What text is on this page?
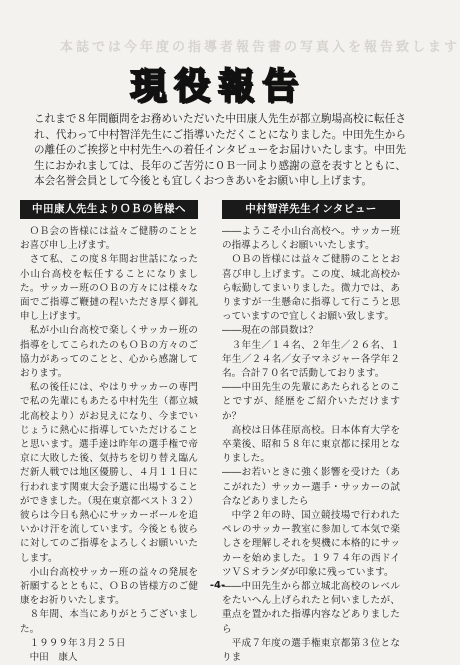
本誌では今年度の指導者報告書の写真入を報告致します
現役報告
これまで８年間顧問をお務めいただいた中田康人先生が都立駒場高校に転任され、代わって中村智洋先生にご指導いただくことになりました。中田先生からの離任のご挨拶と中村先生への着任インタビューをお届けいたします。中田先生におかれましては、長年のご苦労に０Ｂ一同より感謝の意を表すとともに、本会名誉会員として今後とも宜しくおつきあいをお願い申し上げます。
中田康人先生よりＯＢの皆様へ

ＯＢ会の皆様には益々ご健勝のこととお喜び申し上げます。

さて私、この度８年間お世話になった小山台高校を転任することになりました。サッカー班のＯＢの方々には様々な面でご指導ご鞭撻の程いただき厚く御礼申し上げます。

私が小山台高校で楽しくサッカー班の指導をしてこられたのもＯＢの方々のご協力があってのことと、心から感謝しております。

私の後任には、やはりサッカーの専門で私の先輩にもあたる中村先生（都立城北高校より）がお見えになり、今までいじょうに熱心に指導していただけることと思います。選手達は昨年の選手権で帝京に大敗した後、気持ちを切り替え臨んだ新人戦では地区優勝し、４月１１日に行われます関東大会予選に出場することができました。（現在東京都ベスト３２）彼らは今日も熱心にサッカーボールを追いかけ汗を流しています。今後とも彼らに対してのご指導をよろしくお願いいたします。

小山台高校サッカー班の益々の発展を祈願するとともに、ＯＢの皆様方のご健康をお祈りいたします。

８年間、本当にありがとうございました。

１９９９年３月２５日

中田　康人

中村智洋先生インタビュー

――ようこそ小山台高校へ。サッカー班の指導よろしくお願いいたします。

ＯＢの皆様には益々ご健勝のこととお喜び申し上げます。この度、城北高校から転勤してまいりました。微力では、ありますが一生懸命に指導して行こうと思っていますので宜しくお願い致します。

――現在の部員数は？

３年生／１４名、２年生／２６名、１年生／２４名／女子マネジャー各学年２名。合計７０名で活動しております。

――中田先生の先輩にあたられるとのことですが、経歴をご紹介いただけますか？

高校は日体荏原高校。日本体育大学を卒業後、昭和５８年に東京都に採用となりました。

――お若いときに強く影響を受けた（あこがれた）サッカー選手・サッカーの試合などありましたら

中学２年の時、国立競技場で行われたペレのサッカー教室に参加して本気で楽しさを理解しそれを契機に本格的にサッカーを始めました。１９７４年の西ドイツＶＳオランダが印象に残っています。

――中田先生から都立城北高校のレベルをたいへん上げられたと伺いましたが、重点を置かれた指導内容などありましたら

平成７年度の選手権東京都第３位となりま

-4-
